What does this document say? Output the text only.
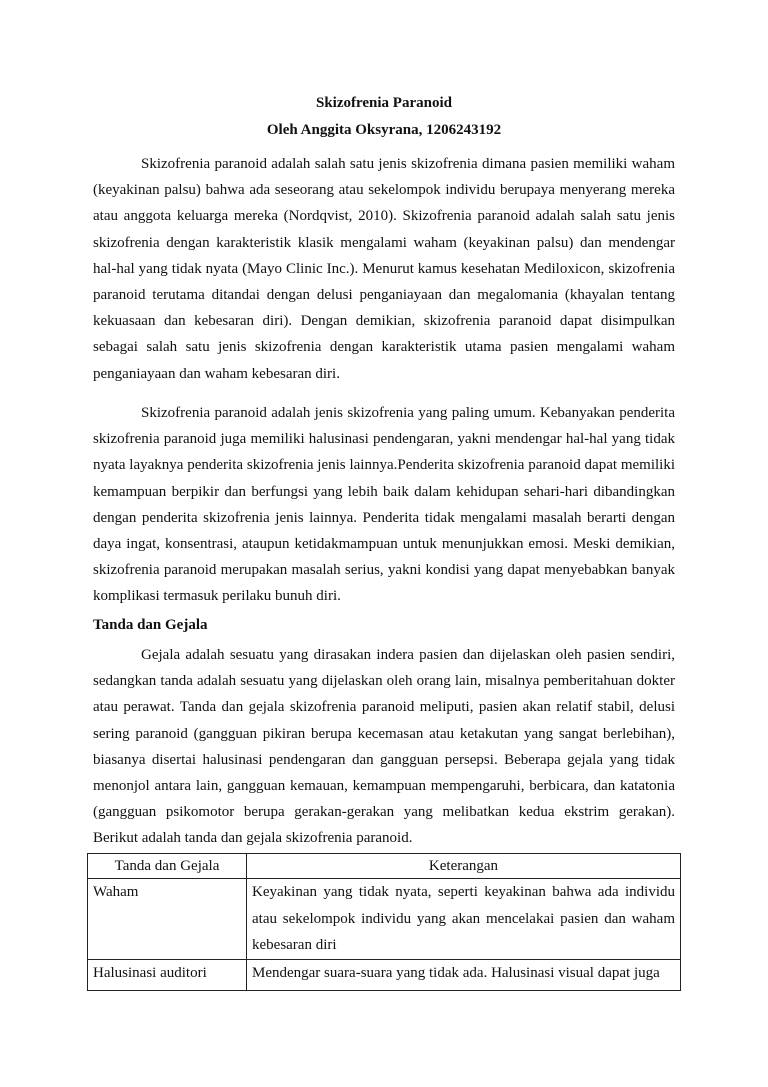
Skizofrenia Paranoid
Oleh Anggita Oksyrana, 1206243192

Skizofrenia paranoid adalah salah satu jenis skizofrenia dimana pasien memiliki waham (keyakinan palsu) bahwa ada seseorang atau sekelompok individu berupaya menyerang mereka atau anggota keluarga mereka (Nordqvist, 2010). Skizofrenia paranoid adalah salah satu jenis skizofrenia dengan karakteristik klasik mengalami waham (keyakinan palsu) dan mendengar hal-hal yang tidak nyata (Mayo Clinic Inc.). Menurut kamus kesehatan Mediloxicon, skizofrenia paranoid terutama ditandai dengan delusi penganiayaan dan megalomania (khayalan tentang kekuasaan dan kebesaran diri). Dengan demikian, skizofrenia paranoid dapat disimpulkan sebagai salah satu jenis skizofrenia dengan karakteristik utama pasien mengalami waham penganiayaan dan waham kebesaran diri.

Skizofrenia paranoid adalah jenis skizofrenia yang paling umum. Kebanyakan penderita skizofrenia paranoid juga memiliki halusinasi pendengaran, yakni mendengar hal-hal yang tidak nyata layaknya penderita skizofrenia jenis lainnya.Penderita skizofrenia paranoid dapat memiliki kemampuan berpikir dan berfungsi yang lebih baik dalam kehidupan sehari-hari dibandingkan dengan penderita skizofrenia jenis lainnya. Penderita tidak mengalami masalah berarti dengan daya ingat, konsentrasi, ataupun ketidakmampuan untuk menunjukkan emosi. Meski demikian, skizofrenia paranoid merupakan masalah serius, yakni kondisi yang dapat menyebabkan banyak komplikasi termasuk perilaku bunuh diri.

Tanda dan Gejala

Gejala adalah sesuatu yang dirasakan indera pasien dan dijelaskan oleh pasien sendiri, sedangkan tanda adalah sesuatu yang dijelaskan oleh orang lain, misalnya pemberitahuan dokter atau perawat. Tanda dan gejala skizofrenia paranoid meliputi, pasien akan relatif stabil, delusi sering paranoid (gangguan pikiran berupa kecemasan atau ketakutan yang sangat berlebihan), biasanya disertai halusinasi pendengaran dan gangguan persepsi. Beberapa gejala yang tidak menonjol antara lain, gangguan kemauan, kemampuan mempengaruhi, berbicara, dan katatonia (gangguan psikomotor berupa gerakan-gerakan yang melibatkan kedua ekstrim gerakan). Berikut adalah tanda dan gejala skizofrenia paranoid.

Tanda dan Gejala	Keterangan
Waham	Keyakinan yang tidak nyata, seperti keyakinan bahwa ada individu atau sekelompok individu yang akan mencelakai pasien dan waham kebesaran diri
Halusinasi auditori	Mendengar suara-suara yang tidak ada. Halusinasi visual dapat juga
